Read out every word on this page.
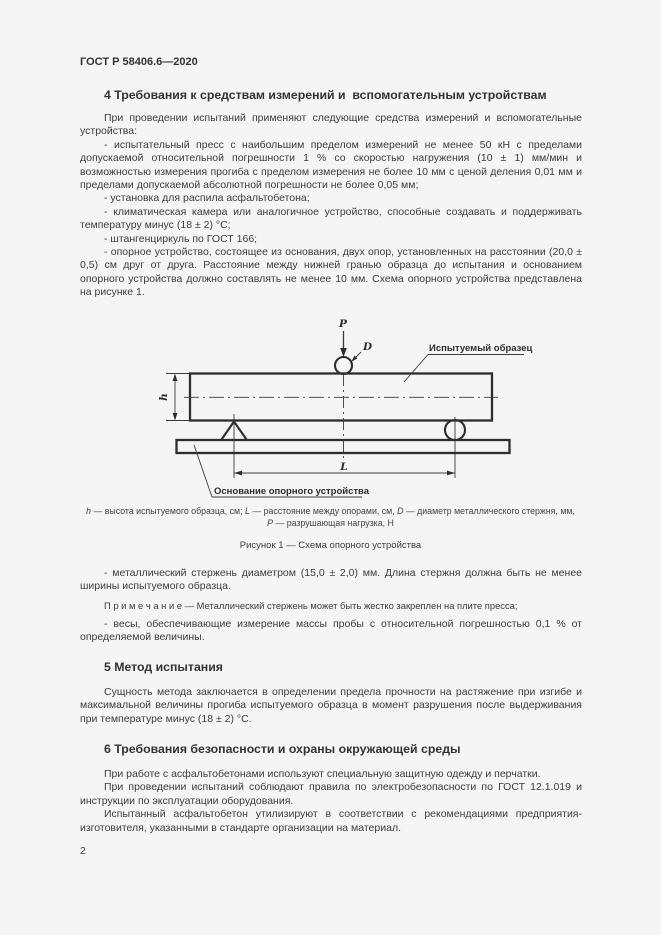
ГОСТ Р 58406.6—2020
4 Требования к средствам измерений и  вспомогательным устройствам

При проведении испытаний применяют следующие средства измерений и вспомогательные устройства:

- испытательный пресс с наибольшим пределом измерений не менее 50 кН с пределами допускаемой относительной погрешности 1 % со скоростью нагружения (10 ± 1) мм/мин и возможностью измерения прогиба с пределом измерения не более 10 мм с ценой деления 0,01 мм и пределами допускаемой абсолютной погрешности не более 0,05 мм;

- установка для распила асфальтобетона;

- климатическая камера или аналогичное устройство, способные создавать и поддерживать температуру минус (18 ± 2) °С;

- штангенциркуль по ГОСТ 166;

- опорное устройство, состоящее из основания, двух опор, установленных на расстоянии (20,0 ± 0,5) см друг от друга. Расстояние между нижней гранью образца до испытания и основанием опорного устройства должно составлять не менее 10 мм. Схема опорного устройства представлена на рисунке 1.

P
D
h
L
Испытуемый образец
Основание опорного устройства
h — высота испытуемого образца, см; L — расстояние между опорами, см, D — диаметр металлического стержня, мм,
P — разрушающая нагрузка, Н
Рисунок 1 — Схема опорного устройства

- металлический стержень диаметром (15,0 ± 2,0) мм. Длина стержня должна быть не менее ширины испытуемого образца.

П р и м е ч а н и е — Металлический стержень может быть жестко закреплен на плите пресса;

- весы, обеспечивающие измерение массы пробы с относительной погрешностью 0,1 % от определяемой величины.

5 Метод испытания

Сущность метода заключается в определении предела прочности на растяжение при изгибе и максимальной величины прогиба испытуемого образца в момент разрушения после выдерживания при температуре минус (18 ± 2) °С.

6 Требования безопасности и охраны окружающей среды

При работе с асфальтобетонами используют специальную защитную одежду и перчатки.

При проведении испытаний соблюдают правила по электробезопасности по ГОСТ 12.1.019 и инструкции по эксплуатации оборудования.

Испытанный асфальтобетон утилизируют в соответствии с рекомендациями предприятия-изготовителя, указанными в стандарте организации на материал.

2
